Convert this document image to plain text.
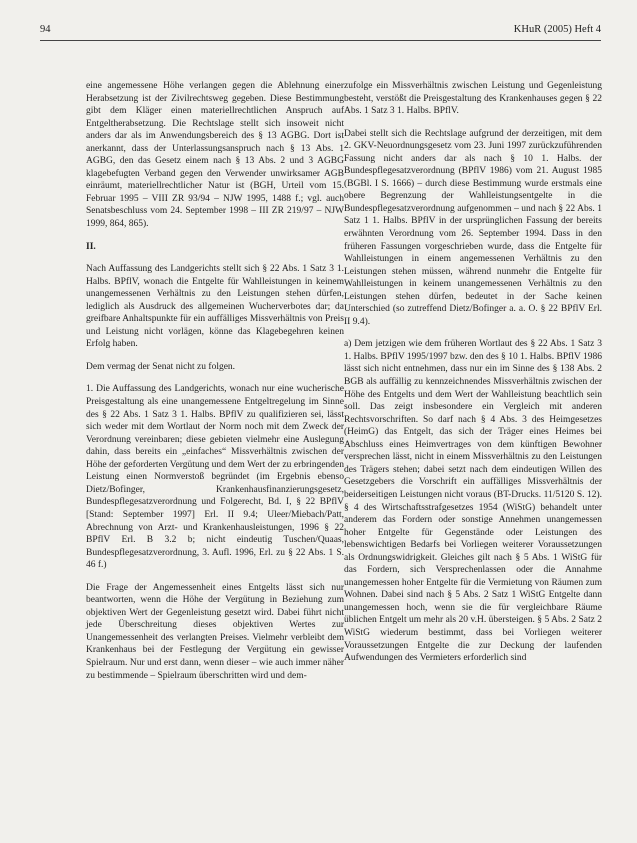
94	KHuR (2005) Heft 4

eine angemessene Höhe verlangen gegen die Ablehnung einer Herabsetzung ist der Zivilrechtsweg gegeben. Diese Bestimmung gibt dem Kläger einen materiellrechtlichen Anspruch auf Entgeltherabsetzung. Die Rechtslage stellt sich insoweit nicht anders dar als im Anwendungsbereich des § 13 AGBG. Dort ist anerkannt, dass der Unterlassungsanspruch nach § 13 Abs. 1 AGBG, den das Gesetz einem nach § 13 Abs. 2 und 3 AGBG klagebefugten Verband gegen den Verwender unwirksamer AGB einräumt, materiellrechtlicher Natur ist (BGH, Urteil vom 15. Februar 1995 – VIII ZR 93/94 – NJW 1995, 1488 f.; vgl. auch Senatsbeschluss vom 24. September 1998 – III ZR 219/97 – NJW 1999, 864, 865).

II.

Nach Auffassung des Landgerichts stellt sich § 22 Abs. 1 Satz 3 1. Halbs. BPflV, wonach die Entgelte für Wahlleistungen in keinem unangemessenen Verhältnis zu den Leistungen stehen dürfen, lediglich als Ausdruck des allgemeinen Wucherverbotes dar; da greifbare Anhaltspunkte für ein auffälliges Missverhältnis von Preis und Leistung nicht vorlägen, könne das Klagebegehren keinen Erfolg haben.

Dem vermag der Senat nicht zu folgen.

1. Die Auffassung des Landgerichts, wonach nur eine wucherische Preisgestaltung als eine unangemessene Entgeltregelung im Sinne des § 22 Abs. 1 Satz 3 1. Halbs. BPflV zu qualifizieren sei, lässt sich weder mit dem Wortlaut der Norm noch mit dem Zweck der Verordnung vereinbaren; diese gebieten vielmehr eine Auslegung dahin, dass bereits ein „einfaches“ Missverhältnis zwischen der Höhe der geforderten Vergütung und dem Wert der zu erbringenden Leistung einen Normverstoß begründet (im Ergebnis ebenso Dietz/Bofinger, Krankenhausfinanzierungsgesetz, Bundespflegesatzverordnung und Folgerecht, Bd. I, § 22 BPflV [Stand: September 1997] Erl. II 9.4; Uleer/Miebach/Patt, Abrechnung von Arzt- und Krankenhausleistungen, 1996 § 22 BPflV Erl. B 3.2 b; nicht eindeutig Tuschen/Quaas, Bundespflegesatzverordnung, 3. Aufl. 1996, Erl. zu § 22 Abs. 1 S. 46 f.)

Die Frage der Angemessenheit eines Entgelts lässt sich nur beantworten, wenn die Höhe der Vergütung in Beziehung zum objektiven Wert der Gegenleistung gesetzt wird. Dabei führt nicht jede Überschreitung dieses objektiven Wertes zur Unangemessenheit des verlangten Preises. Vielmehr verbleibt dem Krankenhaus bei der Festlegung der Vergütung ein gewisser Spielraum. Nur und erst dann, wenn dieser – wie auch immer näher zu bestimmende – Spielraum überschritten wird und dem-

zufolge ein Missverhältnis zwischen Leistung und Gegenleistung besteht, verstößt die Preisgestaltung des Krankenhauses gegen § 22 Abs. 1 Satz 3 1. Halbs. BPflV.

Dabei stellt sich die Rechtslage aufgrund der derzeitigen, mit dem 2. GKV-Neuordnungsgesetz vom 23. Juni 1997 zurückzuführenden Fassung nicht anders dar als nach § 10 1. Halbs. der Bundespflegesatzverordnung (BPflV 1986) vom 21. August 1985 (BGBl. I S. 1666) – durch diese Bestimmung wurde erstmals eine obere Begrenzung der Wahlleistungsentgelte in die Bundespflegesatzverordnung aufgenommen – und nach § 22 Abs. 1 Satz 1 1. Halbs. BPflV in der ursprünglichen Fassung der bereits erwähnten Verordnung vom 26. September 1994. Dass in den früheren Fassungen vorgeschrieben wurde, dass die Entgelte für Wahlleistungen in einem angemessenen Verhältnis zu den Leistungen stehen müssen, während nunmehr die Entgelte für Wahlleistungen in keinem unangemessenen Verhältnis zu den Leistungen stehen dürfen, bedeutet in der Sache keinen Unterschied (so zutreffend Dietz/Bofinger a. a. O. § 22 BPflV Erl. II 9.4).

a) Dem jetzigen wie dem früheren Wortlaut des § 22 Abs. 1 Satz 3 1. Halbs. BPflV 1995/1997 bzw. den des § 10 1. Halbs. BPflV 1986 lässt sich nicht entnehmen, dass nur ein im Sinne des § 138 Abs. 2 BGB als auffällig zu kennzeichnendes Missverhältnis zwischen der Höhe des Entgelts und dem Wert der Wahlleistung beachtlich sein soll. Das zeigt insbesondere ein Vergleich mit anderen Rechtsvorschriften. So darf nach § 4 Abs. 3 des Heimgesetzes (HeimG) das Entgelt, das sich der Träger eines Heimes bei Abschluss eines Heimvertrages von dem künftigen Bewohner versprechen lässt, nicht in einem Missverhältnis zu den Leistungen des Trägers stehen; dabei setzt nach dem eindeutigen Willen des Gesetzgebers die Vorschrift ein auffälliges Missverhältnis der beiderseitigen Leistungen nicht voraus (BT-Drucks. 11/5120 S. 12). § 4 des Wirtschaftsstrafgesetzes 1954 (WiStG) behandelt unter anderem das Fordern oder sonstige Annehmen unangemessen hoher Entgelte für Gegenstände oder Leistungen des lebenswichtigen Bedarfs bei Vorliegen weiterer Voraussetzungen als Ordnungswidrigkeit. Gleiches gilt nach § 5 Abs. 1 WiStG für das Fordern, sich Versprechenlassen oder die Annahme unangemessen hoher Entgelte für die Vermietung von Räumen zum Wohnen. Dabei sind nach § 5 Abs. 2 Satz 1 WiStG Entgelte dann unangemessen hoch, wenn sie die für vergleichbare Räume üblichen Entgelt um mehr als 20 v.H. übersteigen. § 5 Abs. 2 Satz 2 WiStG wiederum bestimmt, dass bei Vorliegen weiterer Voraussetzungen Entgelte die zur Deckung der laufenden Aufwendungen des Vermieters erforderlich sind
